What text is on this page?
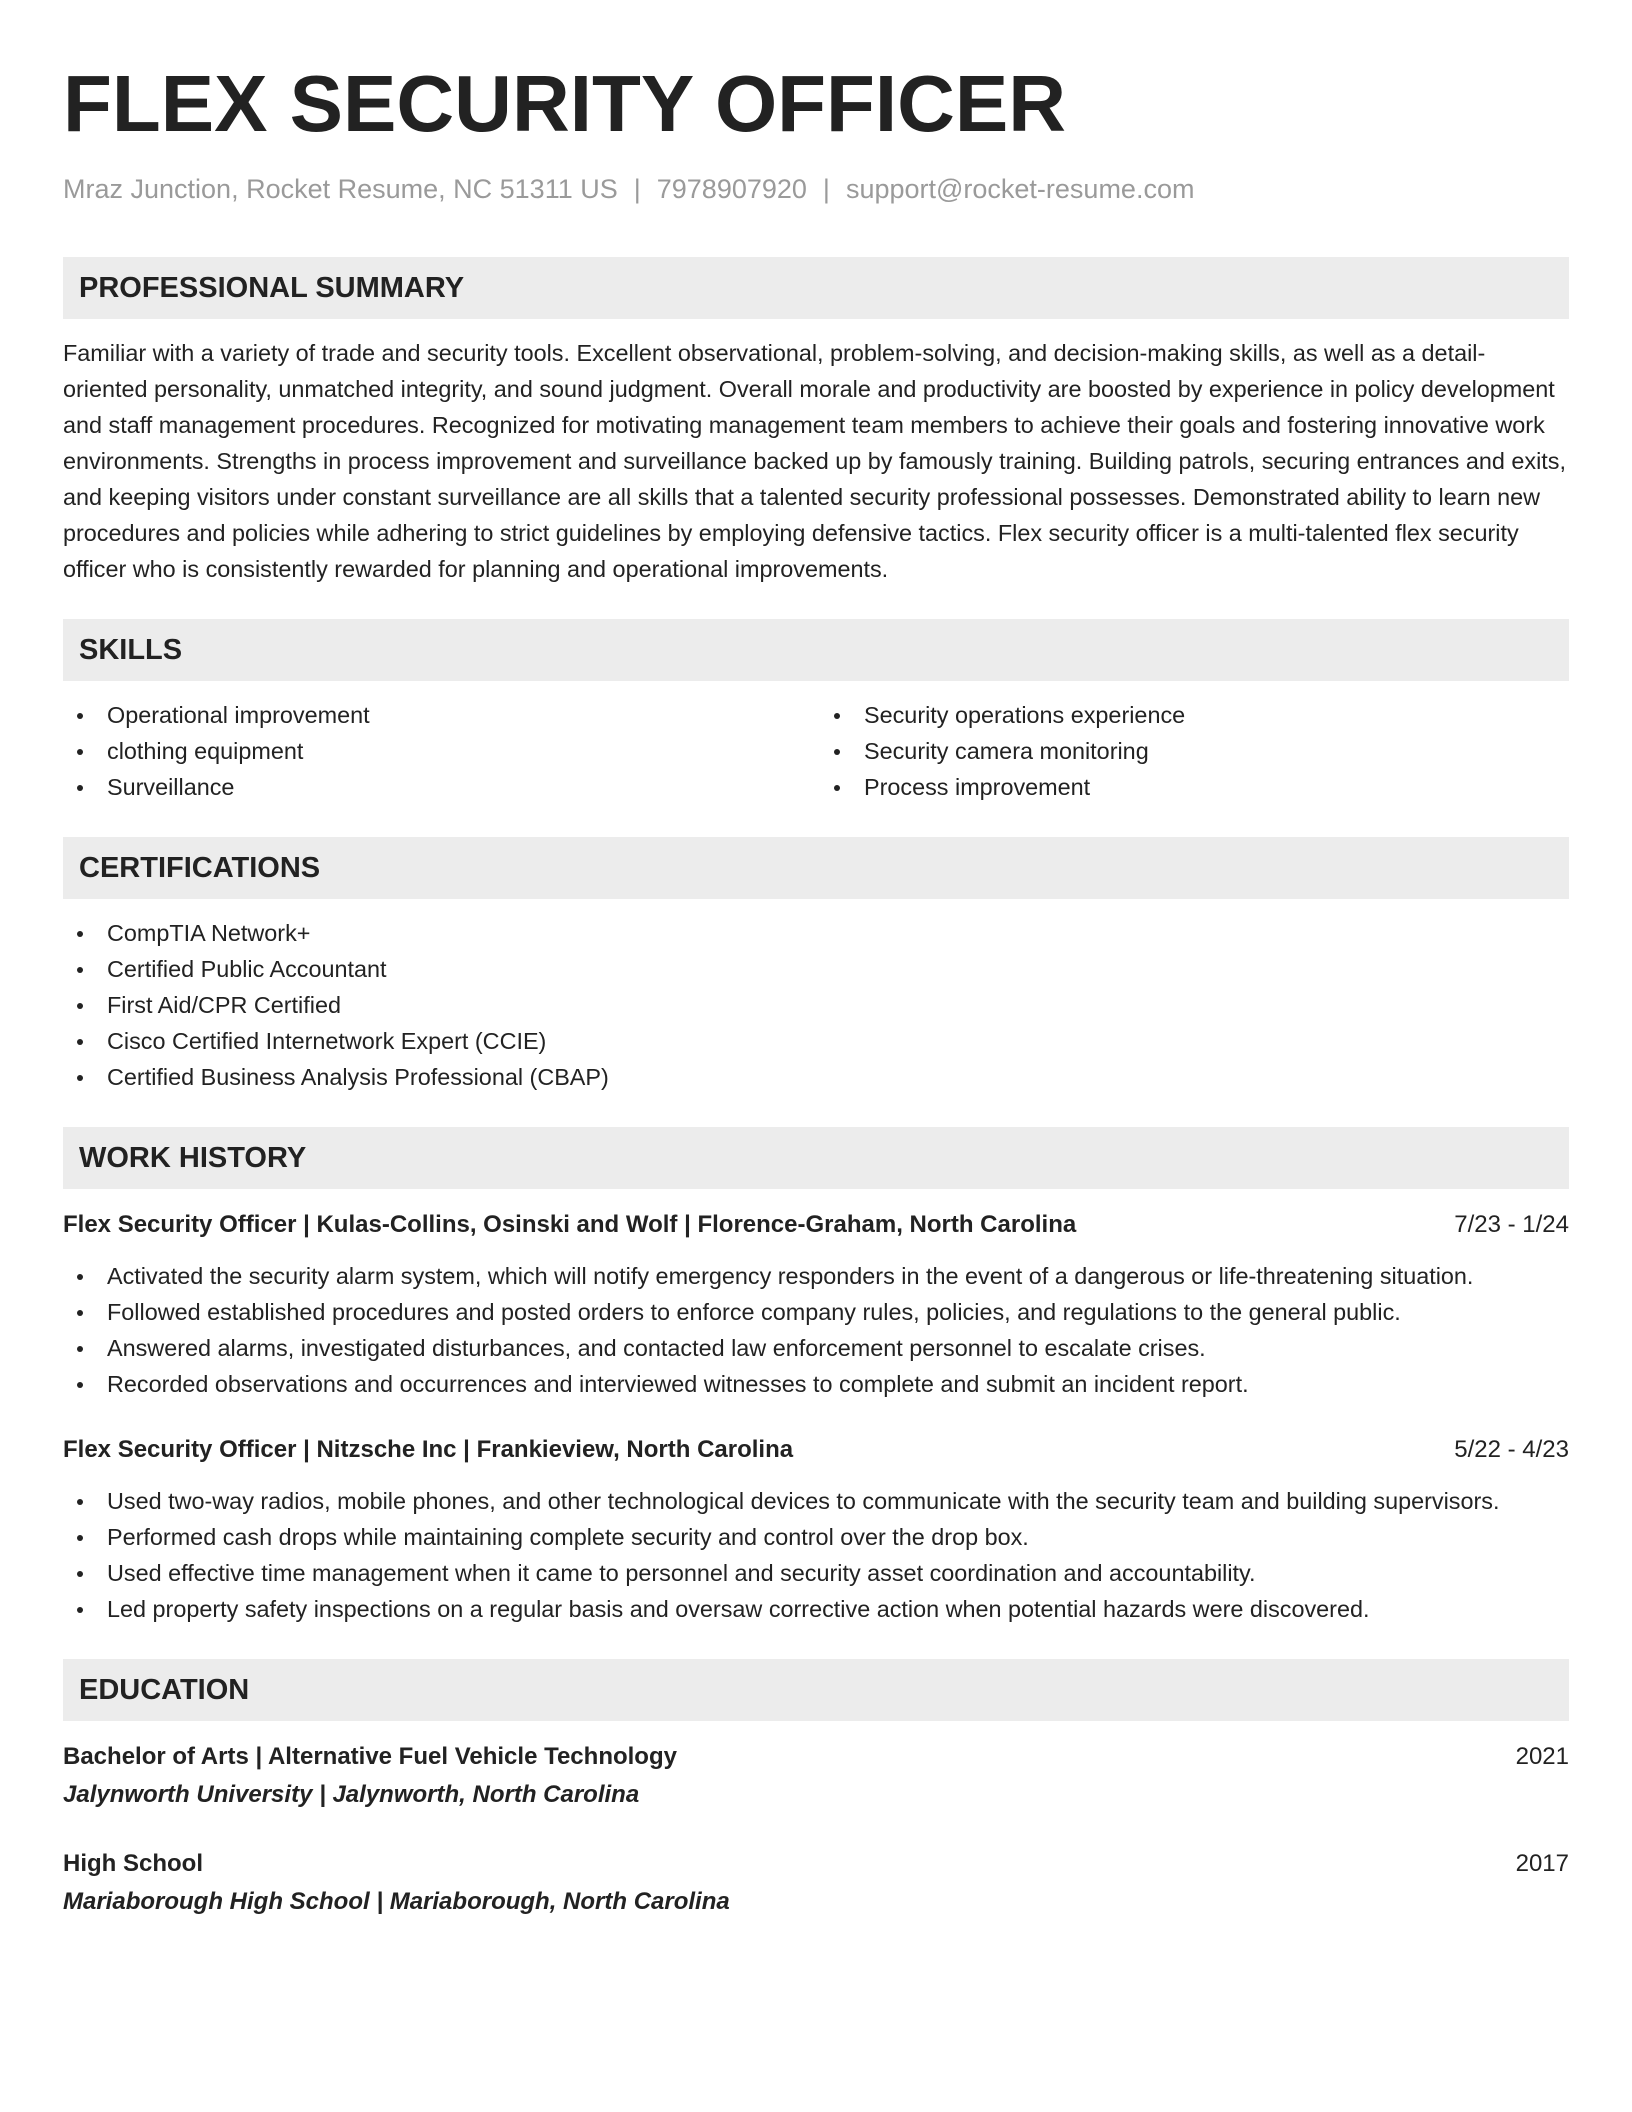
FLEX SECURITY OFFICER
Mraz Junction, Rocket Resume, NC 51311 US | 7978907920 | support@rocket-resume.com
PROFESSIONAL SUMMARY
Familiar with a variety of trade and security tools. Excellent observational, problem-solving, and decision-making skills, as well as a detail-oriented personality, unmatched integrity, and sound judgment. Overall morale and productivity are boosted by experience in policy development and staff management procedures. Recognized for motivating management team members to achieve their goals and fostering innovative work environments. Strengths in process improvement and surveillance backed up by famously training. Building patrols, securing entrances and exits, and keeping visitors under constant surveillance are all skills that a talented security professional possesses. Demonstrated ability to learn new procedures and policies while adhering to strict guidelines by employing defensive tactics. Flex security officer is a multi-talented flex security officer who is consistently rewarded for planning and operational improvements.
SKILLS
Operational improvement
clothing equipment
Surveillance
Security operations experience
Security camera monitoring
Process improvement
CERTIFICATIONS
CompTIA Network+
Certified Public Accountant
First Aid/CPR Certified
Cisco Certified Internetwork Expert (CCIE)
Certified Business Analysis Professional (CBAP)
WORK HISTORY
Flex Security Officer | Kulas-Collins, Osinski and Wolf | Florence-Graham, North Carolina	7/23 - 1/24
Activated the security alarm system, which will notify emergency responders in the event of a dangerous or life-threatening situation.
Followed established procedures and posted orders to enforce company rules, policies, and regulations to the general public.
Answered alarms, investigated disturbances, and contacted law enforcement personnel to escalate crises.
Recorded observations and occurrences and interviewed witnesses to complete and submit an incident report.
Flex Security Officer | Nitzsche Inc | Frankieview, North Carolina	5/22 - 4/23
Used two-way radios, mobile phones, and other technological devices to communicate with the security team and building supervisors.
Performed cash drops while maintaining complete security and control over the drop box.
Used effective time management when it came to personnel and security asset coordination and accountability.
Led property safety inspections on a regular basis and oversaw corrective action when potential hazards were discovered.
EDUCATION
Bachelor of Arts | Alternative Fuel Vehicle Technology	2021
Jalynworth University | Jalynworth, North Carolina
High School	2017
Mariaborough High School | Mariaborough, North Carolina
